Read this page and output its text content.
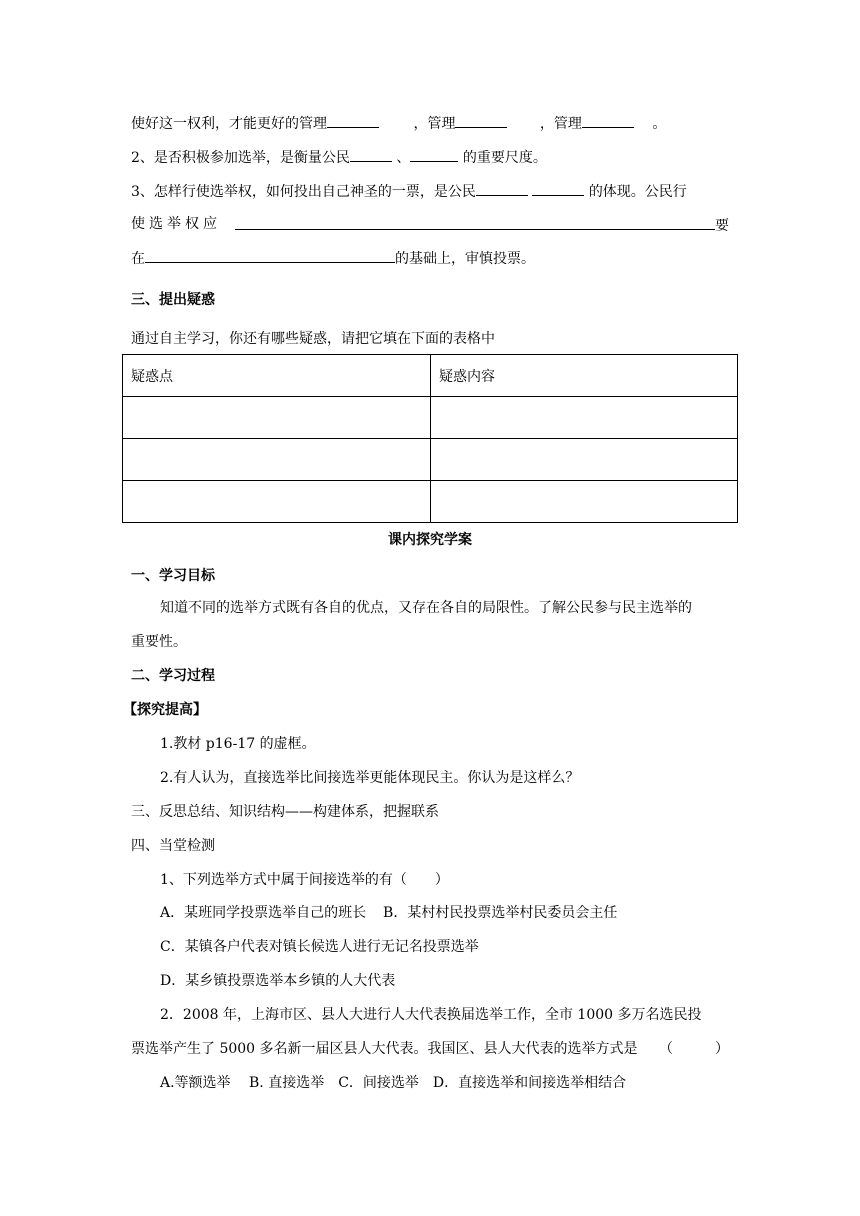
使好这一权利，才能更好的管理	，管理	，管理	。
2、是否积极参加选举，是衡量公民	、	的重要尺度。
3、怎样行使选举权，如何投出自己神圣的一票，是公民	的体现。公民行
使选举权应	要
在	的基础上，审慎投票。
三、提出疑惑
通过自主学习，你还有哪些疑惑，请把它填在下面的表格中
疑惑点	疑惑内容

课内探究学案
一、学习目标
知道不同的选举方式既有各自的优点，又存在各自的局限性。了解公民参与民主选举的
重要性。
二、学习过程
【探究提高】
1.教材 p16-17 的虚框。
2.有人认为，直接选举比间接选举更能体现民主。你认为是这样么？
三、反思总结、知识结构——构建体系，把握联系
四、当堂检测
1、下列选举方式中属于间接选举的有（　　）
A．某班同学投票选举自己的班长 B．某村村民投票选举村民委员会主任
C．某镇各户代表对镇长候选人进行无记名投票选举
D．某乡镇投票选举本乡镇的人大代表
2．2008 年，上海市区、县人大进行人大代表换届选举工作，全市 1000 多万名选民投
票选举产生了 5000 多名新一届区县人大代表。我国区、县人大代表的选举方式是 （　　　）
A.等额选举　 B. 直接选举　C．间接选举　D．直接选举和间接选举相结合
